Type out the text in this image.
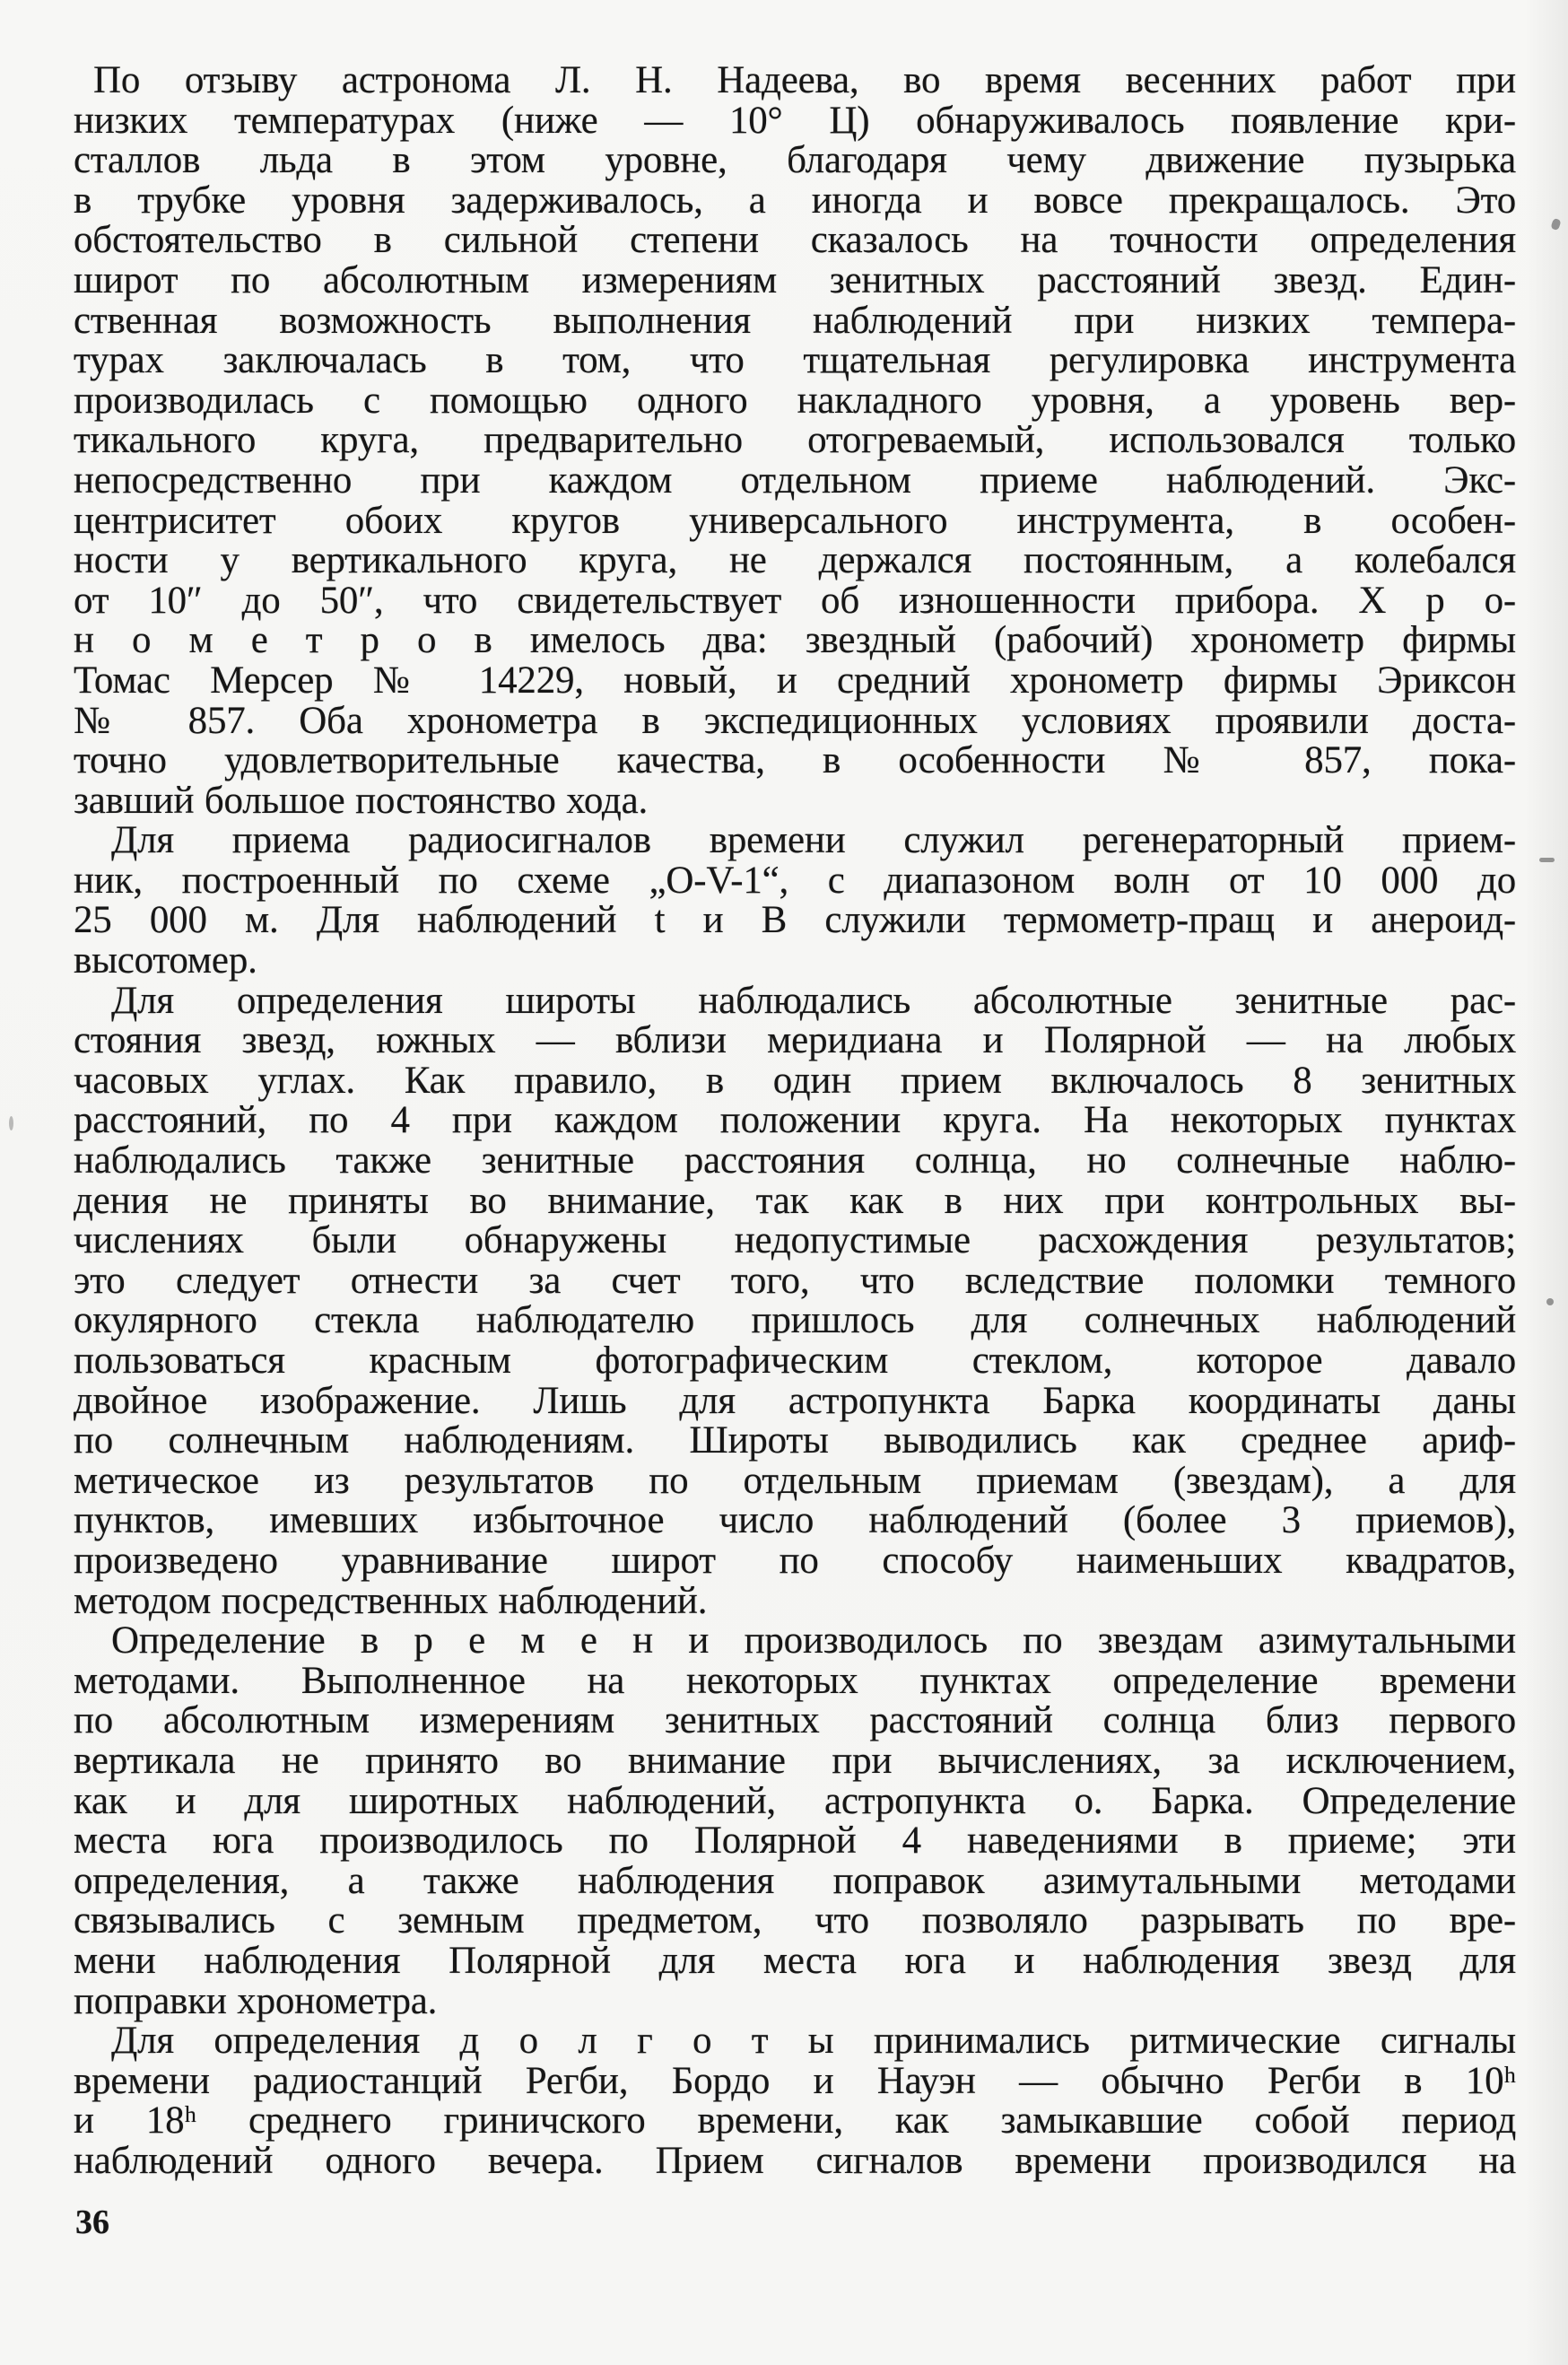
По отзыву астронома Л. Н. Надеева, во время весенних работ при
низких температурах (ниже — 10° Ц) обнаруживалось появление кри-
сталлов льда в этом уровне, благодаря чему движение пузырька
в трубке уровня задерживалось, а иногда и вовсе прекращалось. Это
обстоятельство в сильной степени сказалось на точности определения
широт по абсолютным измерениям зенитных расстояний звезд. Един-
ственная возможность выполнения наблюдений при низких темпера-
турах заключалась в том, что тщательная регулировка инструмента
производилась с помощью одного накладного уровня, а уровень вер-
тикального круга, предварительно отогреваемый, использовался только
непосредственно при каждом отдельном приеме наблюдений. Экс-
центриситет обоих кругов универсального инструмента, в особен-
ности у вертикального круга, не держался постоянным, а колебался
от 10″ до 50″, что свидетельствует об изношенности прибора. Х р о-
н о м е т р о в имелось два: звездный (рабочий) хронометр фирмы
Томас Мерсер № 14229, новый, и средний хронометр фирмы Эриксон
№ 857. Оба хронометра в экспедиционных условиях проявили доста-
точно удовлетворительные качества, в особенности № 857, пока-
завший большое постоянство хода.
Для приема радиосигналов времени служил регенераторный прием-
ник, построенный по схеме „O-V-1“, с диапазоном волн от 10 000 до
25 000 м. Для наблюдений t и B служили термометр-пращ и анероид-
высотомер.
Для определения широты наблюдались абсолютные зенитные рас-
стояния звезд, южных — вблизи меридиана и Полярной — на любых
часовых углах. Как правило, в один прием включалось 8 зенитных
расстояний, по 4 при каждом положении круга. На некоторых пунктах
наблюдались также зенитные расстояния солнца, но солнечные наблю-
дения не приняты во внимание, так как в них при контрольных вы-
числениях были обнаружены недопустимые расхождения результатов;
это следует отнести за счет того, что вследствие поломки темного
окулярного стекла наблюдателю пришлось для солнечных наблюдений
пользоваться красным фотографическим стеклом, которое давало
двойное изображение. Лишь для астропункта Барка координаты даны
по солнечным наблюдениям. Широты выводились как среднее ариф-
метическое из результатов по отдельным приемам (звездам), а для
пунктов, имевших избыточное число наблюдений (более 3 приемов),
произведено уравнивание широт по способу наименьших квадратов,
методом посредственных наблюдений.
Определение в р е м е н и производилось по звездам азимутальными
методами. Выполненное на некоторых пунктах определение времени
по абсолютным измерениям зенитных расстояний солнца близ первого
вертикала не принято во внимание при вычислениях, за исключением,
как и для широтных наблюдений, астропункта о. Барка. Определение
места юга производилось по Полярной 4 наведениями в приеме; эти
определения, а также наблюдения поправок азимутальными методами
связывались с земным предметом, что позволяло разрывать по вре-
мени наблюдения Полярной для места юга и наблюдения звезд для
поправки хронометра.
Для определения д о л г о т ы принимались ритмические сигналы
времени радиостанций Регби, Бордо и Науэн — обычно Регби в 10ʰ
и 18ʰ среднего гриничского времени, как замыкавшие собой период
наблюдений одного вечера. Прием сигналов времени производился на
36
